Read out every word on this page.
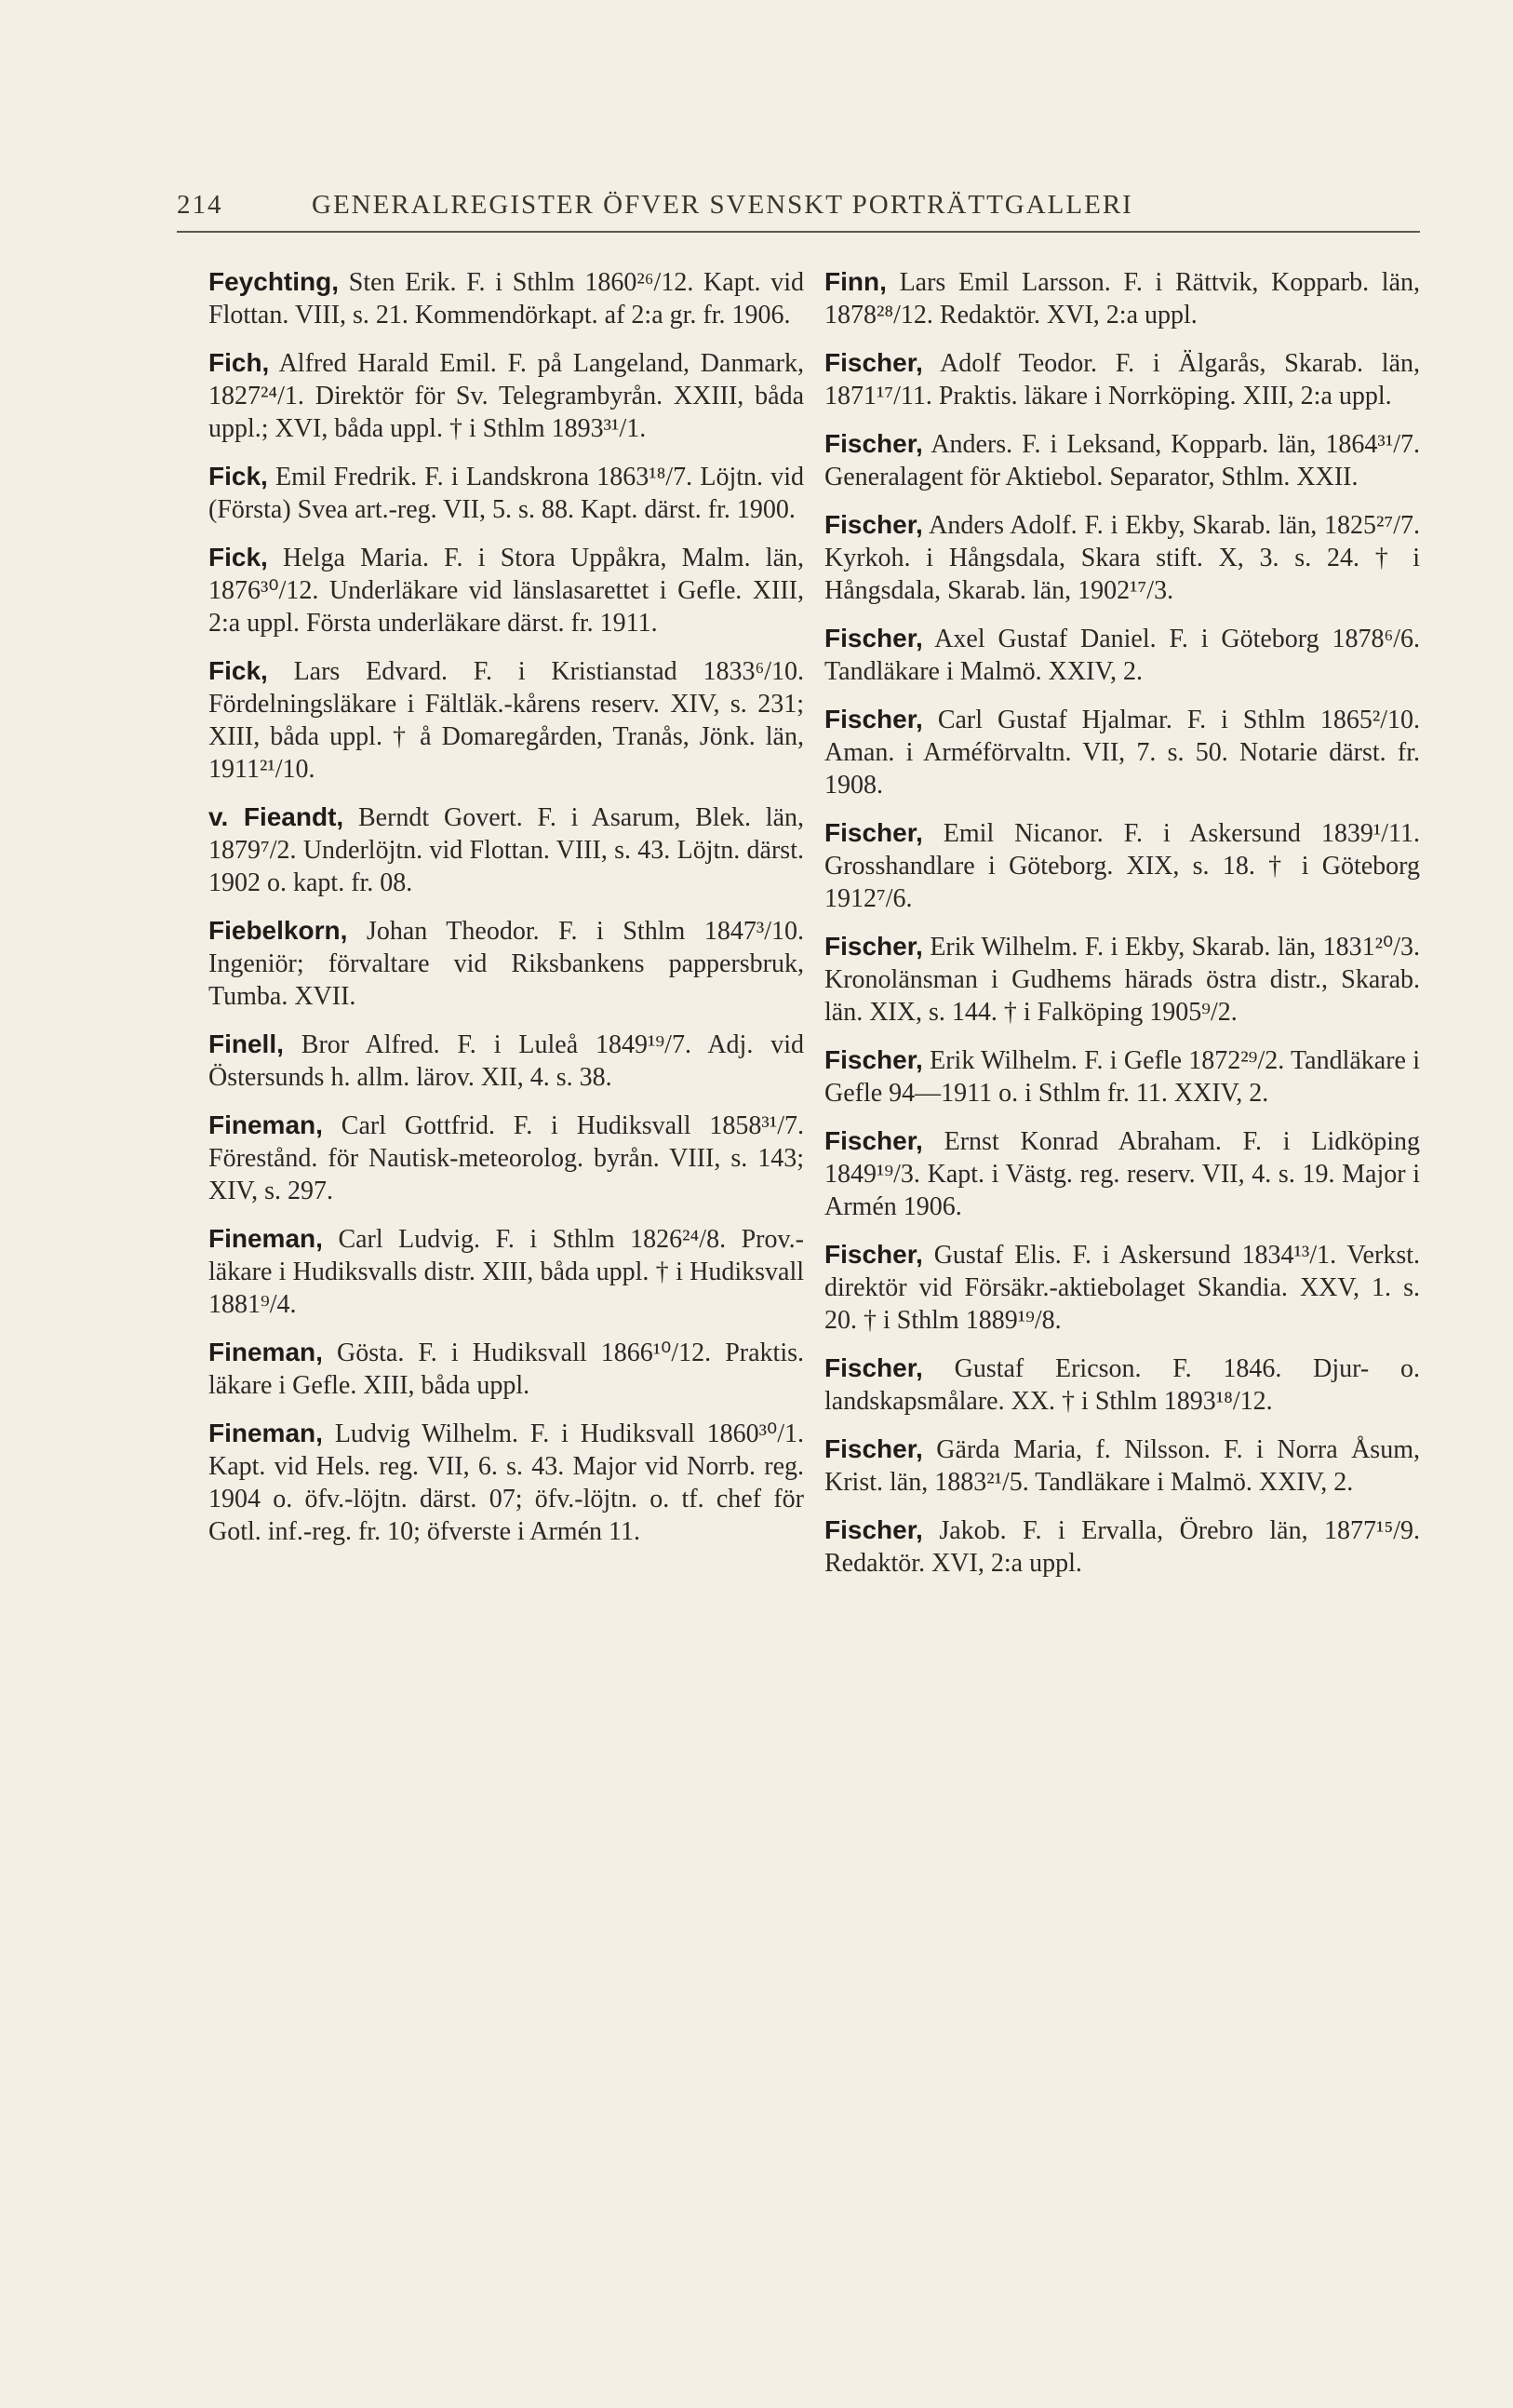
214	GENERALREGISTER ÖFVER SVENSKT PORTRÄTTGALLERI
Feychting, Sten Erik. F. i Sthlm 1860²⁶/12. Kapt. vid Flottan. VIII, s. 21. Kommendörkapt. af 2:a gr. fr. 1906.
Fich, Alfred Harald Emil. F. på Langeland, Danmark, 1827²⁴/1. Direktör för Sv. Telegrambyrån. XXIII, båda uppl.; XVI, båda uppl. † i Sthlm 1893³¹/1.
Fick, Emil Fredrik. F. i Landskrona 1863¹⁸/7. Löjtn. vid (Första) Svea art.-reg. VII, 5. s. 88. Kapt. därst. fr. 1900.
Fick, Helga Maria. F. i Stora Uppåkra, Malm. län, 1876³⁰/12. Underläkare vid länslasarettet i Gefle. XIII, 2:a uppl. Första underläkare därst. fr. 1911.
Fick, Lars Edvard. F. i Kristianstad 1833⁶/10. Fördelningsläkare i Fältläk.-kårens reserv. XIV, s. 231; XIII, båda uppl. † å Domaregården, Tranås, Jönk. län, 1911²¹/10.
v. Fieandt, Berndt Govert. F. i Asarum, Blek. län, 1879⁷/2. Underlöjtn. vid Flottan. VIII, s. 43. Löjtn. därst. 1902 o. kapt. fr. 08.
Fiebelkorn, Johan Theodor. F. i Sthlm 1847³/10. Ingeniör; förvaltare vid Riksbankens pappersbruk, Tumba. XVII.
Finell, Bror Alfred. F. i Luleå 1849¹⁹/7. Adj. vid Östersunds h. allm. lärov. XII, 4. s. 38.
Fineman, Carl Gottfrid. F. i Hudiksvall 1858³¹/7. Förestånd. för Nautisk-meteorolog. byrån. VIII, s. 143; XIV, s. 297.
Fineman, Carl Ludvig. F. i Sthlm 1826²⁴/8. Prov.-läkare i Hudiksvalls distr. XIII, båda uppl. † i Hudiksvall 1881⁹/4.
Fineman, Gösta. F. i Hudiksvall 1866¹⁰/12. Praktis. läkare i Gefle. XIII, båda uppl.
Fineman, Ludvig Wilhelm. F. i Hudiksvall 1860³⁰/1. Kapt. vid Hels. reg. VII, 6. s. 43. Major vid Norrb. reg. 1904 o. öfv.-löjtn. därst. 07; öfv.-löjtn. o. tf. chef för Gotl. inf.-reg. fr. 10; öfverste i Armén 11.
Finn, Lars Emil Larsson. F. i Rättvik, Kopparb. län, 1878²⁸/12. Redaktör. XVI, 2:a uppl.
Fischer, Adolf Teodor. F. i Älgarås, Skarab. län, 1871¹⁷/11. Praktis. läkare i Norrköping. XIII, 2:a uppl.
Fischer, Anders. F. i Leksand, Kopparb. län, 1864³¹/7. Generalagent för Aktiebol. Separator, Sthlm. XXII.
Fischer, Anders Adolf. F. i Ekby, Skarab. län, 1825²⁷/7. Kyrkoh. i Hångsdala, Skara stift. X, 3. s. 24. † i Hångsdala, Skarab. län, 1902¹⁷/3.
Fischer, Axel Gustaf Daniel. F. i Göteborg 1878⁶/6. Tandläkare i Malmö. XXIV, 2.
Fischer, Carl Gustaf Hjalmar. F. i Sthlm 1865²/10. Aman. i Arméförvaltn. VII, 7. s. 50. Notarie därst. fr. 1908.
Fischer, Emil Nicanor. F. i Askersund 1839¹/11. Grosshandlare i Göteborg. XIX, s. 18. † i Göteborg 1912⁷/6.
Fischer, Erik Wilhelm. F. i Ekby, Skarab. län, 1831²⁰/3. Kronolänsman i Gudhems härads östra distr., Skarab. län. XIX, s. 144. † i Falköping 1905⁹/2.
Fischer, Erik Wilhelm. F. i Gefle 1872²⁹/2. Tandläkare i Gefle 94—1911 o. i Sthlm fr. 11. XXIV, 2.
Fischer, Ernst Konrad Abraham. F. i Lidköping 1849¹⁹/3. Kapt. i Västg. reg. reserv. VII, 4. s. 19. Major i Armén 1906.
Fischer, Gustaf Elis. F. i Askersund 1834¹³/1. Verkst. direktör vid Försäkr.-aktiebolaget Skandia. XXV, 1. s. 20. † i Sthlm 1889¹⁹/8.
Fischer, Gustaf Ericson. F. 1846. Djur- o. landskapsmålare. XX. † i Sthlm 1893¹⁸/12.
Fischer, Gärda Maria, f. Nilsson. F. i Norra Åsum, Krist. län, 1883²¹/5. Tandläkare i Malmö. XXIV, 2.
Fischer, Jakob. F. i Ervalla, Örebro län, 1877¹⁵/9. Redaktör. XVI, 2:a uppl.
